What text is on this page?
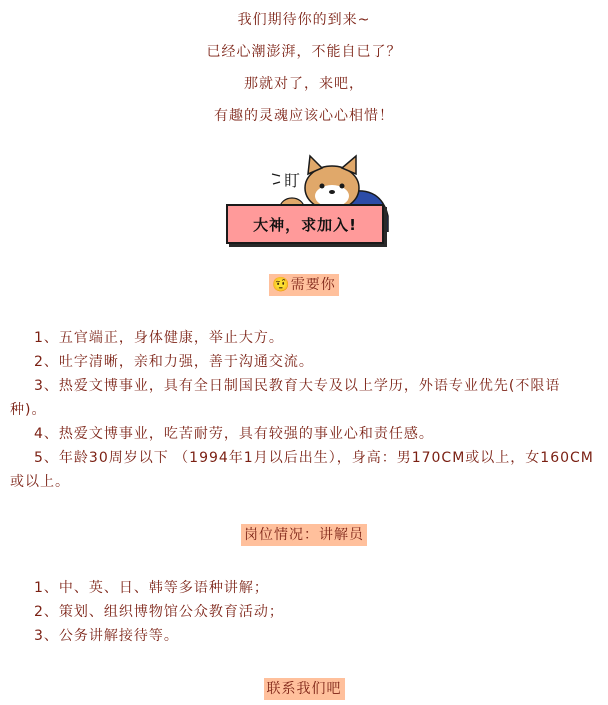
我们期待你的到来~

已经心潮澎湃，不能自已了？

那就对了，来吧，

有趣的灵魂应该心心相惜！

盯
大神，求加入!
🤨需要你

1、五官端正，身体健康，举止大方。

2、吐字清晰，亲和力强，善于沟通交流。

3、热爱文博事业，具有全日制国民教育大专及以上学历，外语专业优先(不限语种)。

4、热爱文博事业，吃苦耐劳，具有较强的事业心和责任感。

5、年龄30周岁以下 （1994年1月以后出生），身高：男170CM或以上，女160CM或以上。

岗位情况：讲解员

1、中、英、日、韩等多语种讲解；

2、策划、组织博物馆公众教育活动；

3、公务讲解接待等。

联系我们吧
